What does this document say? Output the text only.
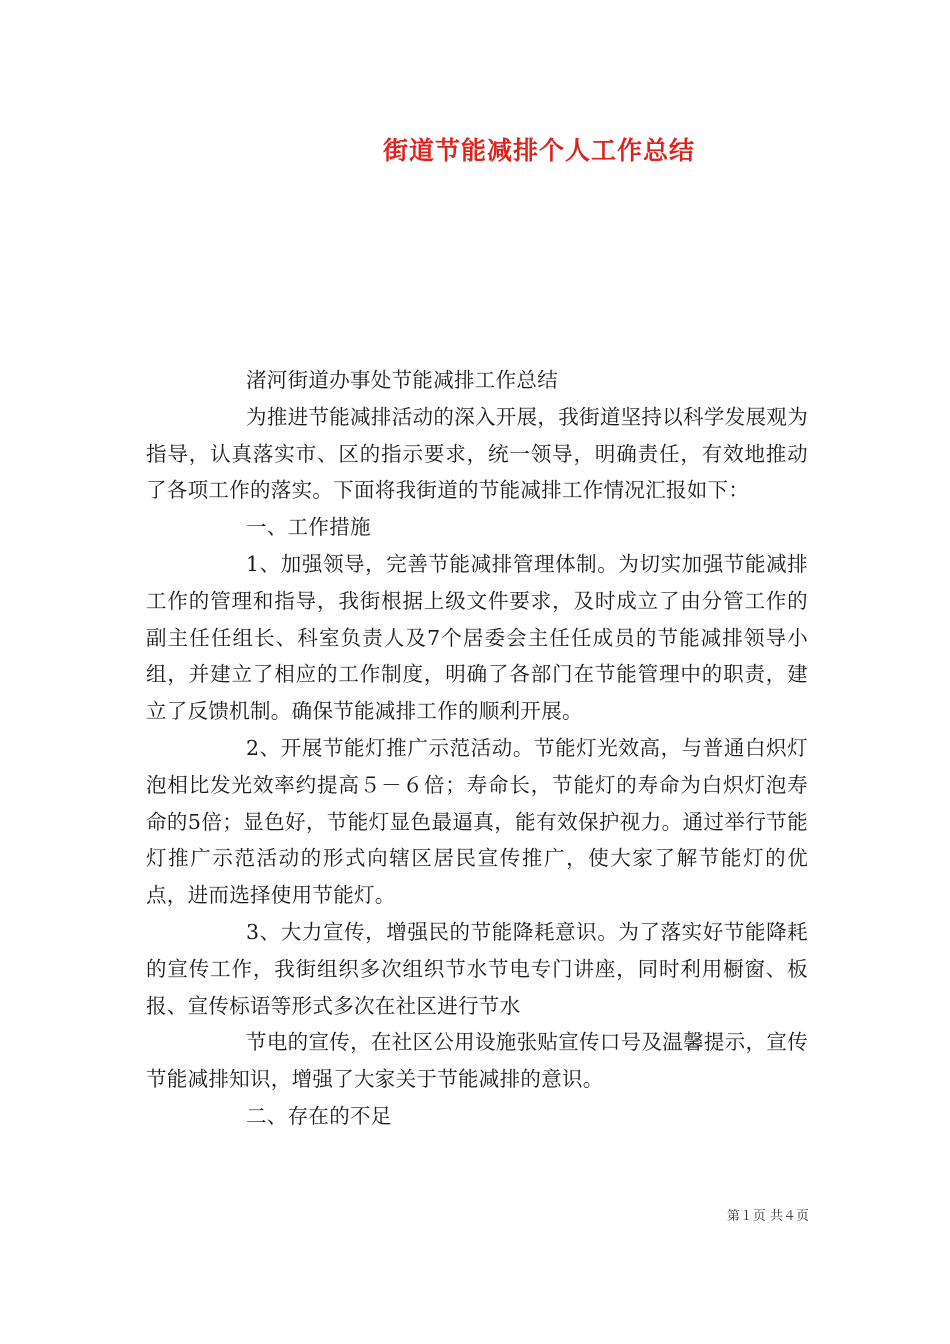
街道节能减排个人工作总结

渚河街道办事处节能减排工作总结

为推进节能减排活动的深入开展，我街道坚持以科学发展观为指导，认真落实市、区的指示要求，统一领导，明确责任，有效地推动了各项工作的落实。下面将我街道的节能减排工作情况汇报如下：

一、工作措施

1、加强领导，完善节能减排管理体制。为切实加强节能减排工作的管理和指导，我街根据上级文件要求，及时成立了由分管工作的副主任任组长、科室负责人及7个居委会主任任成员的节能减排领导小组，并建立了相应的工作制度，明确了各部门在节能管理中的职责，建立了反馈机制。确保节能减排工作的顺利开展。

2、开展节能灯推广示范活动。节能灯光效高，与普通白炽灯泡相比发光效率约提高５－６倍；寿命长，节能灯的寿命为白炽灯泡寿命的5倍；显色好，节能灯显色最逼真，能有效保护视力。通过举行节能灯推广示范活动的形式向辖区居民宣传推广，使大家了解节能灯的优点，进而选择使用节能灯。

3、大力宣传，增强民的节能降耗意识。为了落实好节能降耗的宣传工作，我街组织多次组织节水节电专门讲座，同时利用橱窗、板报、宣传标语等形式多次在社区进行节水

节电的宣传，在社区公用设施张贴宣传口号及温馨提示，宣传节能减排知识，增强了大家关于节能减排的意识。

二、存在的不足

第１页 共４页
